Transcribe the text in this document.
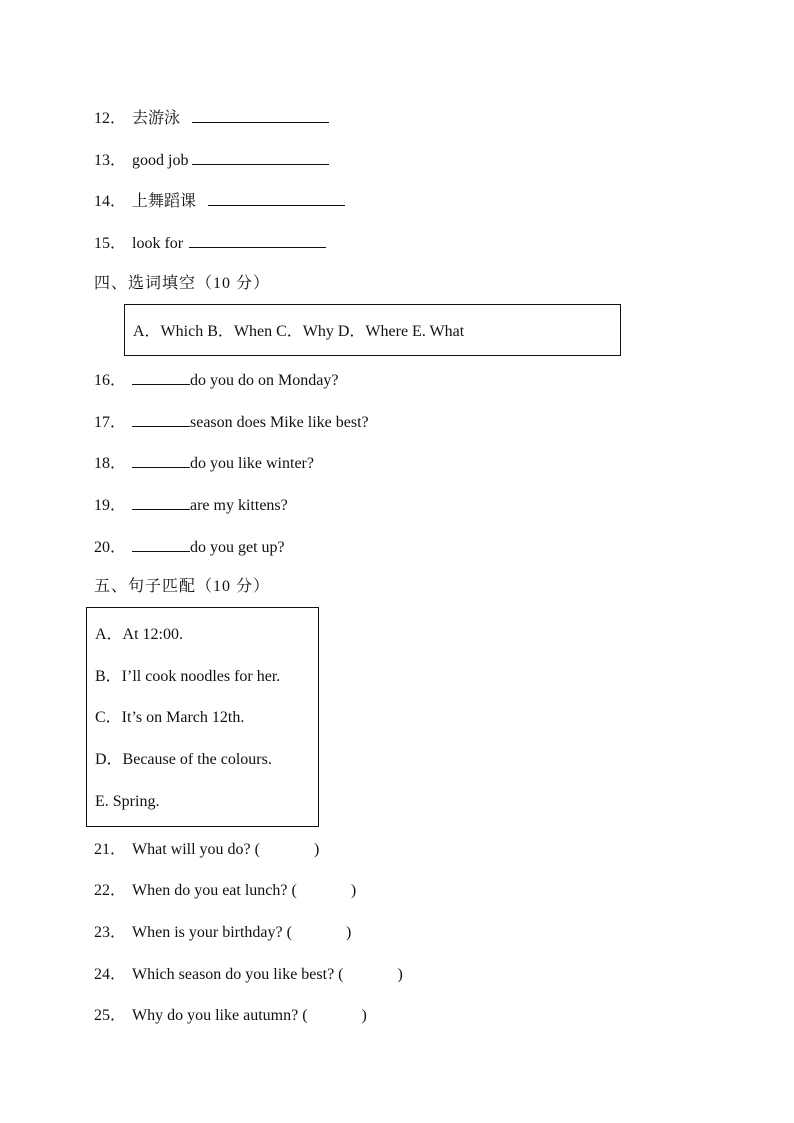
12． 去游泳
13． good job
14． 上舞蹈课
15． look for
四、选词填空（10 分）
A．Which B．When C．Why D．Where E. What
16．	do you do on Monday?
17．	season does Mike like best?
18．	do you like winter?
19．	are my kittens?
20．	do you get up?
五、句子匹配（10 分）
A．At 12:00.
B．I’ll cook noodles for her.
C．It’s on March 12th.
D．Because of the colours.
E. Spring.
21． What will you do? (	)
22． When do you eat lunch? (	)
23． When is your birthday? (	)
24． Which season do you like best? (	)
25． Why do you like autumn? (	)
